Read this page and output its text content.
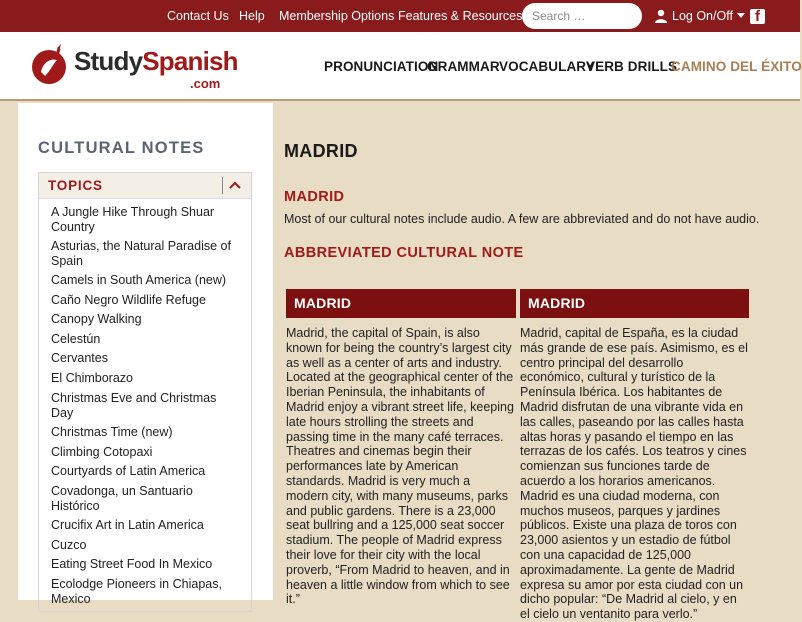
Contact Us Help Membership Options Features & Resources
Search …	Log On/Off f
StudySpanish
.com
PRONUNCIATION
GRAMMAR VOCABULARY
VERB DRILLS
CAMINO DEL ÉXITO
CULTURAL NOTES
TOPICS
A Jungle Hike Through Shuar Country
Asturias, the Natural Paradise of Spain
Camels in South America (new)
Caño Negro Wildlife Refuge
Canopy Walking
Celestún
Cervantes
El Chimborazo
Christmas Eve and Christmas Day
Christmas Time (new)
Climbing Cotopaxi
Courtyards of Latin America
Covadonga, un Santuario Histórico
Crucifix Art in Latin America
Cuzco
Eating Street Food In Mexico
Ecolodge Pioneers in Chiapas, Mexico
MADRID
MADRID
Most of our cultural notes include audio. A few are abbreviated and do not have audio.
ABBREVIATED CULTURAL NOTE
MADRID	MADRID
Madrid, the capital of Spain, is also known for being the country’s largest city as well as a center of arts and industry. Located at the geographical center of the Iberian Peninsula, the inhabitants of Madrid enjoy a vibrant street life, keeping late hours strolling the streets and passing time in the many café terraces. Theatres and cinemas begin their performances late by American standards. Madrid is very much a modern city, with many museums, parks and public gardens. There is a 23,000 seat bullring and a 125,000 seat soccer stadium. The people of Madrid express their love for their city with the local proverb, “From Madrid to heaven, and in heaven a little window from which to see it.”
Madrid, capital de España, es la ciudad más grande de ese país. Asimismo, es el centro principal del desarrollo económico, cultural y turístico de la Península Ibérica. Los habitantes de Madrid disfrutan de una vibrante vida en las calles, paseando por las calles hasta altas horas y pasando el tiempo en las terrazas de los cafés. Los teatros y cines comienzan sus funciones tarde de acuerdo a los horarios americanos. Madrid es una ciudad moderna, con muchos museos, parques y jardines públicos. Existe una plaza de toros con 23,000 asientos y un estadio de fútbol con una capacidad de 125,000 aproximadamente. La gente de Madrid expresa su amor por esta ciudad con un dicho popular: “De Madrid al cielo, y en el cielo un ventanito para verlo.”
